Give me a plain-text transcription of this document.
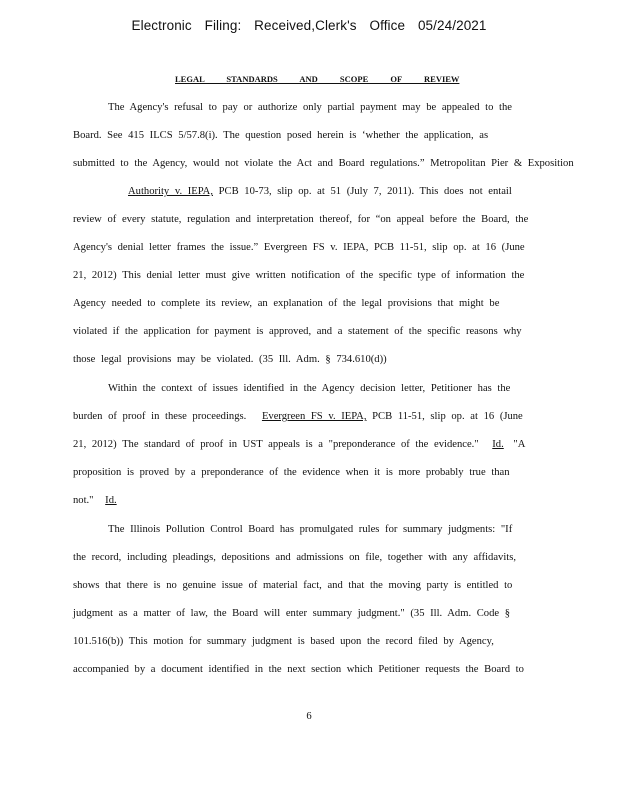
Electronic Filing: Received,Clerk's Office 05/24/2021
LEGAL STANDARDS AND SCOPE OF REVIEW
The Agency's refusal to pay or authorize only partial payment may be appealed to the
Board. See 415 ILCS 5/57.8(i). The question posed herein is ‘whether the application, as
submitted to the Agency, would not violate the Act and Board regulations.” Metropolitan Pier & Exposition
Authority v. IEPA, PCB 10-73, slip op. at 51 (July 7, 2011). This does not entail
review of every statute, regulation and interpretation thereof, for “on appeal before the Board, the
Agency's denial letter frames the issue.” Evergreen FS v. IEPA, PCB 11-51, slip op. at 16 (June
21, 2012) This denial letter must give written notification of the specific type of information the
Agency needed to complete its review, an explanation of the legal provisions that might be
violated if the application for payment is approved, and a statement of the specific reasons why
those legal provisions may be violated. (35 Ill. Adm. § 734.610(d))
Within the context of issues identified in the Agency decision letter, Petitioner has the
burden of proof in these proceedings. Evergreen FS v. IEPA, PCB 11-51, slip op. at 16 (June
21, 2012) The standard of proof in UST appeals is a "preponderance of the evidence." Id. "A
proposition is proved by a preponderance of the evidence when it is more probably true than
not." Id.
The Illinois Pollution Control Board has promulgated rules for summary judgments: "If
the record, including pleadings, depositions and admissions on file, together with any affidavits,
shows that there is no genuine issue of material fact, and that the moving party is entitled to
judgment as a matter of law, the Board will enter summary judgment." (35 Ill. Adm. Code §
101.516(b)) This motion for summary judgment is based upon the record filed by Agency,
accompanied by a document identified in the next section which Petitioner requests the Board to
6
